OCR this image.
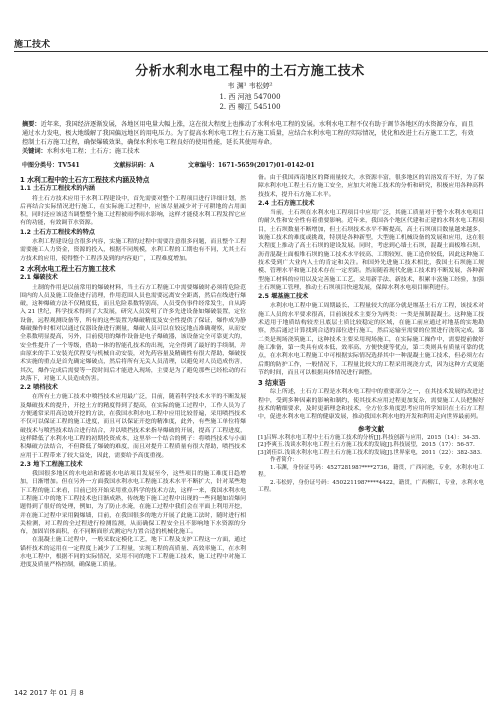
施工技术
分析水利水电工程中的土石方施工技术
韦 渊¹ 韦松婷²
1. 西 河池 547000
2. 西 柳江 545100
摘要：近年来，我国经济逐渐发展，各地区用电量大幅上涨，这在很大程度上也推动了水利水电工程的发展。水利水电工程不仅有助于调节各地区的水资源分布，而且通过水力发电，极大地缓解了我国偏远地区的用电压力。为了提高水利水电工程土石方施工质量，应结合水利水电工程的实际情况，优化和改进土石方施工工艺，有效控制土石方施工过程，确保爆破效果，确保水利水电工程良好的使用性能，延长其使用寿命。
关键词：水利水电工程；土石方；施工技术
中图分类号：TV541	文献标识码：A	文章编号：1671-5659(2017)01-0142-01
1 水利工程中的土石方工程技术内涵及特点
1.1 土石方工程技术的内涵

将土石方技术应用于水利工程建设中，首先需要对整个工程项目进行详细计划，然后再结合实际情况进行施工，在实际施工过程中，应该尽量减少对于可耕地的占用面积，同时还应该适当调整整个施工过程被雨季雨水影响，这样才能使水利工程发挥它应有的功能，有效调节水资源。

1.2 土石方工程技术的特点

水利工程建设包含很多内容，实施工程的过程中需要注意很多问题，而且整个工程需要施工人力资金，资源的投入，根据不同规模，水利工程的工期也有不同，尤其土石方技术的应用，使得整个工程涉及到的内容更广，工程难度增加。

2 水利水电工程土石方施工技术
2.1 爆破技术

土制的作用是以前常用的爆破材料，当土石方工程施工中需要爆破时必须将危险范围内的人员及施工设备进行清理，作用范围人员也需要远离安全距离，然后在线进行爆破，这种爆破方法不仅精度低，而且危险系数特别高，人员受伤事件经常发生，自从跨入 21 世纪，科学技术得到了大发展，研究人员发明了许多先进设备如爆破装置，定位设备，远程观测设备等，所有的这些装置为爆破精度及安全性提供了保证，爆作成为静爆破操作时相对以通过仪器设备进行测量，爆破人员可以在较远地点准确观察，从而安全系数明显提高，另外，目前使用的爆作设备是电子爆破器，该设备完全可靠更大的，安全性提升了一个等级，借助一体的智能孔技术的出现，完全得到了最好的手续制，并由原来的手工安装光伏程变与机械自动安装，对先药容量及精确性有很大帮助，爆破技术实施的重点是首先确定爆破点，然后将所有无关人员清理，以避免对人员造成伤害，其次，爆作完成后需要等一段时间后才能进入现场，主要是为了避免那些已经松动的石块落下，对施工人员造成伤害。

2.2 喷档技术

在所有土方施工技术中喷挡技术应用最广泛，目前，随着科学技术水平的不断发展及爆破技术的提升，开挖土方的精度得到了提高，在实际的施工过程中，工作人员为了方便通常采用高边坡开挖的方法，在我国水利水电工程中应用比较普遍，采用喷挡技术不仅可以保证工程的施工进度，而且可以保证开挖的精准度，此外，有些施工单位将爆破技术与喷挡技术结合进行结合，并以喷挡技术来指导爆破的开展，提高了工程进度，这样降低了水利水电工程的初期投资成本，这里举一个结合的例子：将喷挡技术与小面积爆破方法结合，不但降低了爆破的难度，而且对提升工程质量有很大帮助，喷挡技术应用于工程带来了较大益处，因此，需要给予高度重视。

2.3 地下工程施工技术

我国很多地区的水电站和蓄能水电站项目发展至今，这些项目的施工难度日趋增加，日渐增加。但在另外一方面我国水利水电工程施工技术水平不断扩大，针对某些地下工程的施工来看，目前已经开始采用重点科学的技术方法，这样一来，我国水利水电工程施工中的地下工程技术也日渐成熟，传统地下施工过程中出现的一些问题如岩爆问题得到了很好的处理，例如，为了防止水淹，在施工过程中我们会在平面上利用开挖，并在施工过程中采用隔爆墙，目前，在我国很多的地方开展了此施工法时，随时进行相关检测，对工程的全过程进行检测监测，从而确保工程安全且不影响地下水资源的分布，加固岩体面积，在不同断面形式测定内力置合适的机械化施工。

在混凝土施工过程中，一般采取定模化工艺，地下工程及支护工程这一方面，通过锚杆技术的运用在一定程度上减少了工程量，实现工程的高质量、高效率施工，在水利水电工程中，根据不同的实际情况，采用不同的地下工程施工技术，施工过程中对施工进度及质量严格控制，确保施工质量。

备。由于我国西南地区的降雨量较大，水资源丰富，很多地区的岩溶发育不好，为了保障水利水电工程土石方施工安全，应加大对施工技术的分析和研究，积极应用各种高科技技术，提升石方施工水平。

2.4 土石方施工技术

当前，土石坝在水利水电工程项目中应用广泛，其施工质量对于整个水利水电项目的耐久性和安全性有着重要影响。近年来，我国各个地区代建和正建的水利水电工程项目，土石坝数量不断增加，但土石坝技术水平不断提高，高土石坝项目数量越来越多，该施工技术的难度或挑战，特别是各种新型，大型施工机械设备的发展和应用，这在很大程度上推动了高土石坝的建设发展。同时，考虑到心墙土石坝，混凝土面板堆石坝、沥青混凝土面板堆石坝的施工技术水平较高、工期较短、施工造价较低，因此这种施工技术受到广大业内人士的肯定和关注。和国外先进施工技术相比，我国土石坝施工规模、管理水平和施工技术存在一定差距。然而随着现代化施工技术的不断发展，各种新型施工材料的应用以及完善施工工艺，采用新手法、新技术，积累丰富施工经验，加强土石坝施工管理，推动土石坝项目快速发展，保障水利水电项目顺利进行。

2.5 堰基施工技术

水利水电工程中施工周期最长、工程量较大的部分就是堰基土石方工程，该技术对施工人员的水平要求很高，目前该技术主要分为两类：一类是预制混凝土。这种施工技术适用于地质结构较差且底层土质比较稳定的区域，在施工前应通过对地基的实地勘察，然后通过计算找到合适的部位进行施工，然后运输至需要的位置进行浇筑完成。第二类是现场浇筑施工，这种技术主要采用现场施工，在实际施工操作中，需要提前做好施工准备，第一类具有成本低、效率高、方便快捷等优点，第二类则具有质量可靠的优点，在水利水电工程施工中可根据实际情况选择其中一种混凝土施工技术，但必须左右后期的防护工作，一般情况下，工程量比较大的工程采用现浇方式，因为这种方式更能节约时间，而且可以根据具体情况进行调整。

3 结束语

综上所述，土石方工程是水利水电工程中的重要部分之一，在其技术发展的改进过程中，受到多种因素的影响和制约，使其技术应用过程更加复杂，需要施工人员把握好技术的精细要求，及时更新理念和技术，全方位多角度思考应用所学知识在土石方工程中，促进水利水电工程的健康发展，推动我国水利水电的开发和利用走向世界最前列。

参考文献

[1]吕辉.水利水电工程中土石方施工技术的分析[J].科技创新与应用，2015（14）：34-35.

[2]李爽玉.浅谈水利水电工程土石方施工技术的发展[J].科技展望，2015（17）：56-57.

[3]刘佳臣.浅谈水利水电工程土石方施工技术的发展[J].世界家电，2011（22）：382-383.

作者简介：

1.韦渊，身份证号码：452728198?****2736，籍贯，广西河池，专业，水利水电工程。

2.韦松婷，身份证号码：450221198?****4422，籍贯，广西柳江，专业，水利水电工程。

142 2017 年 01 月 8
